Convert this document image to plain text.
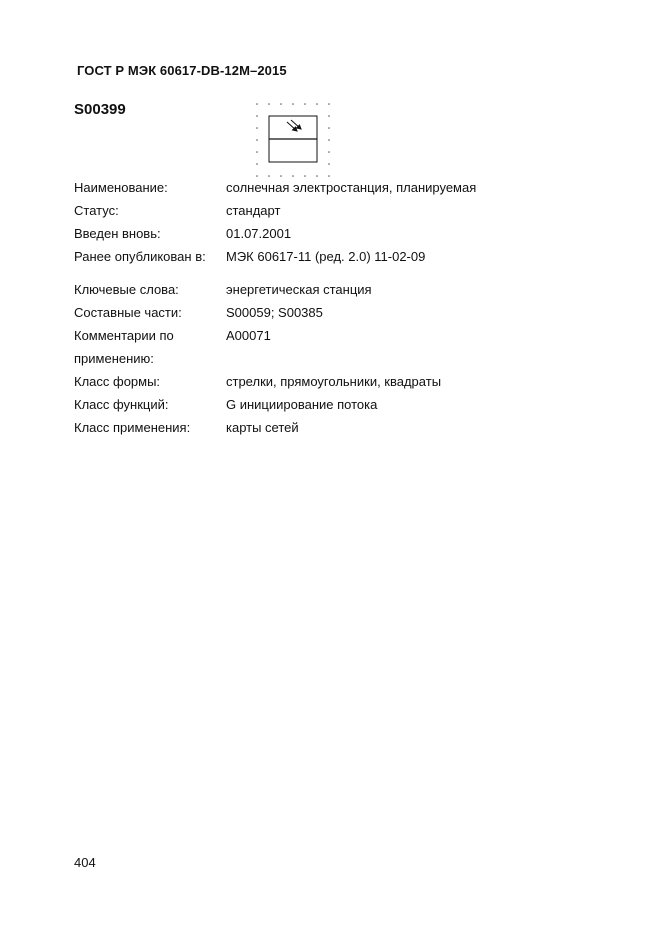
ГОСТ Р МЭК 60617-DB-12M–2015
S00399
Наименование:	солнечная электростанция, планируемая
Статус:	стандарт
Введен вновь:	01.07.2001
Ранее опубликован в: МЭК 60617-11 (ред. 2.0) 11-02-09
Ключевые слова:	энергетическая станция
Составные части:	S00059; S00385
Комментарии по	A00071
применению:
Класс формы:	стрелки, прямоугольники, квадраты
Класс функций:	G инициирование потока
Класс применения:	карты сетей
404
